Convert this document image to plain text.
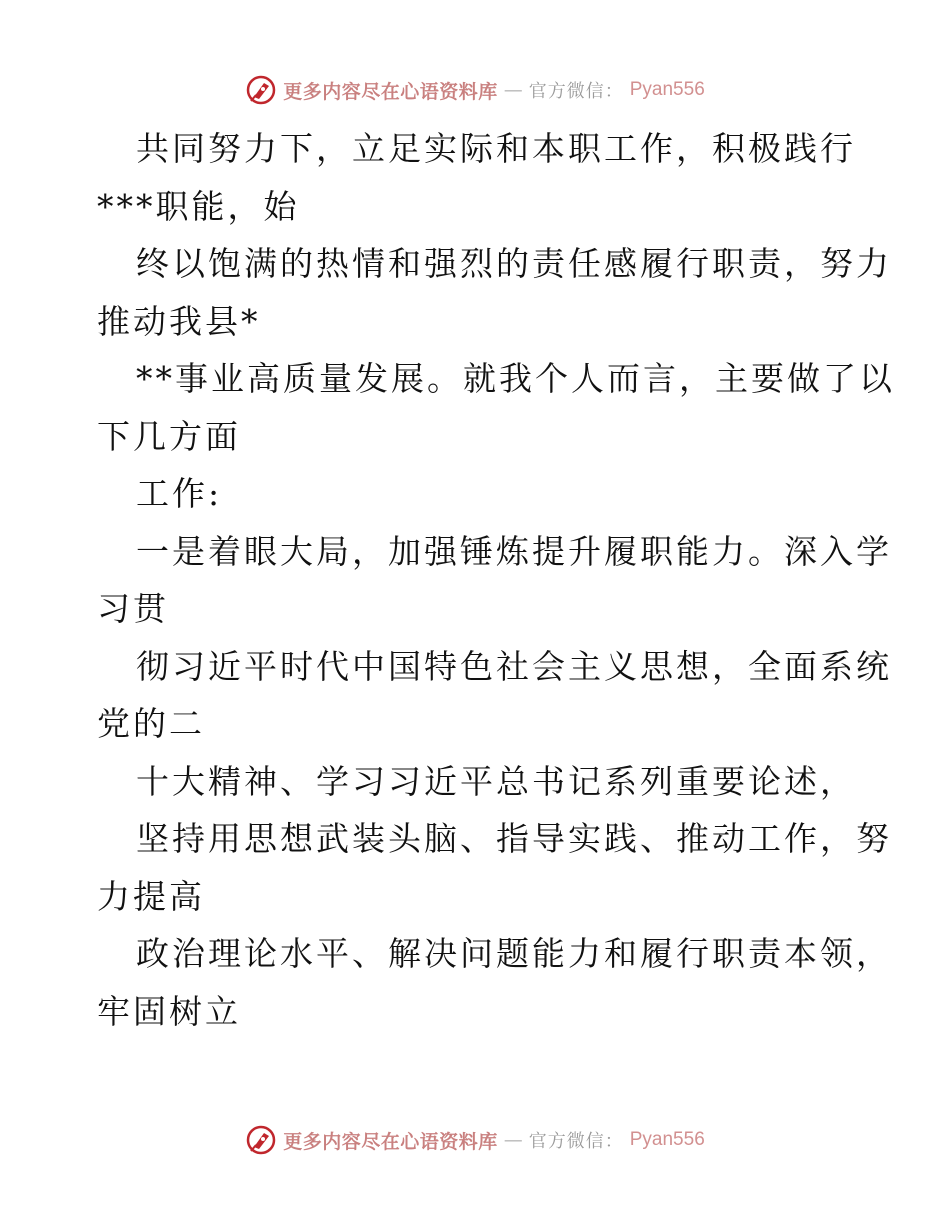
更多内容尽在心语资料库 — 官方微信： Pyan556
共同努力下，立足实际和本职工作，积极践行
***职能，始
终以饱满的热情和强烈的责任感履行职责，努力
推动我县*
**事业高质量发展。就我个人而言，主要做了以
下几方面
工作:
一是着眼大局，加强锤炼提升履职能力。深入学
习贯
彻习近平时代中国特色社会主义思想，全面系统
党的二
十大精神、学习习近平总书记系列重要论述，
坚持用思想武装头脑、指导实践、推动工作，努
力提高
政治理论水平、解决问题能力和履行职责本领，
牢固树立
更多内容尽在心语资料库 — 官方微信： Pyan556
